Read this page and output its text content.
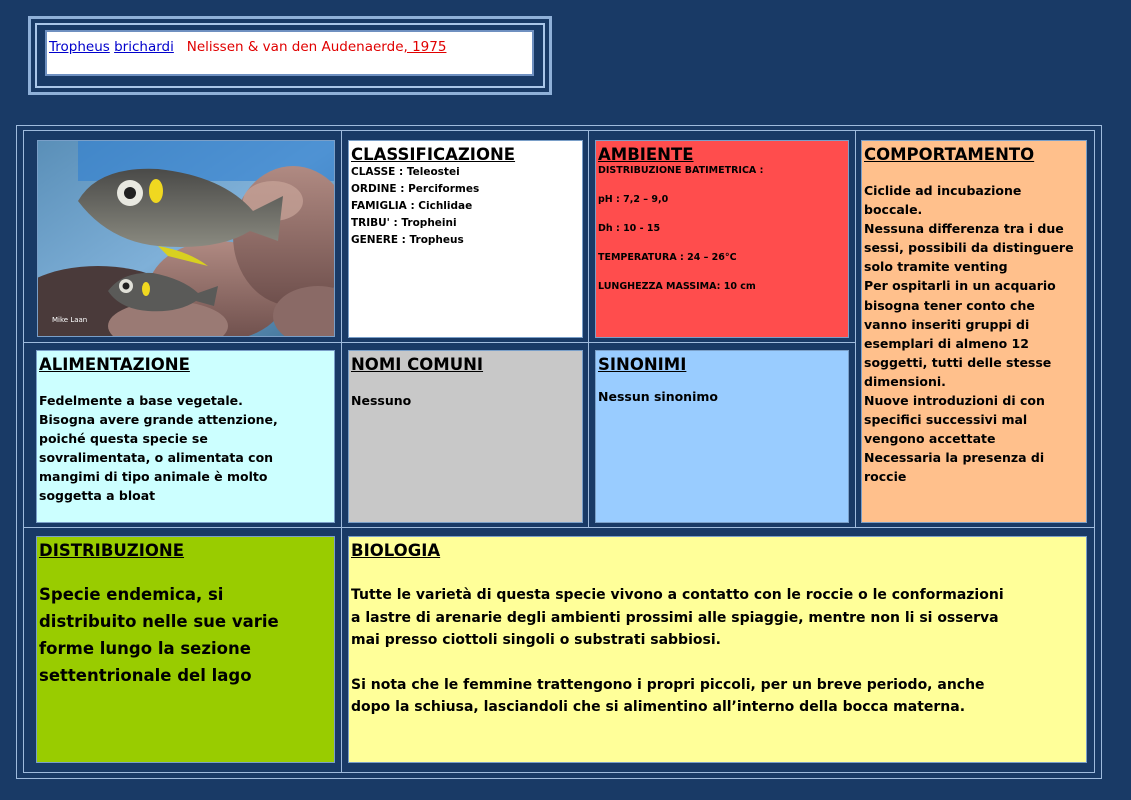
Tropheus brichardi Nelissen & van den Audenaerde, 1975
Mike Laan
CLASSIFICAZIONE
CLASSE : Teleostei
ORDINE : Perciformes
FAMIGLIA : Cichlidae
TRIBU' : Tropheini
GENERE : Tropheus
AMBIENTE
DISTRIBUZIONE BATIMETRICA :
pH : 7,2 – 9,0
Dh : 10 - 15
TEMPERATURA : 24 – 26°C
LUNGHEZZA MASSIMA: 10 cm
COMPORTAMENTO
Ciclide ad incubazione
boccale.
Nessuna differenza tra i due
sessi, possibili da distinguere
solo tramite venting
Per ospitarli in un acquario
bisogna tener conto che
vanno inseriti gruppi di
esemplari di almeno 12
soggetti, tutti delle stesse
dimensioni.
Nuove introduzioni di con
specifici successivi mal
vengono accettate
Necessaria la presenza di
roccie
ALIMENTAZIONE
Fedelmente a base vegetale.
Bisogna avere grande attenzione,
poiché questa specie se
sovralimentata, o alimentata con
mangimi di tipo animale è molto
soggetta a bloat
NOMI COMUNI
Nessuno
SINONIMI
Nessun sinonimo
DISTRIBUZIONE
Specie endemica, si
distribuito nelle sue varie
forme lungo la sezione
settentrionale del lago
BIOLOGIA
Tutte le varietà di questa specie vivono a contatto con le roccie o le conformazioni
a lastre di arenarie degli ambienti prossimi alle spiaggie, mentre non li si osserva
mai presso ciottoli singoli o substrati sabbiosi.
Si nota che le femmine trattengono i propri piccoli, per un breve periodo, anche
dopo la schiusa, lasciandoli che si alimentino all’interno della bocca materna.
